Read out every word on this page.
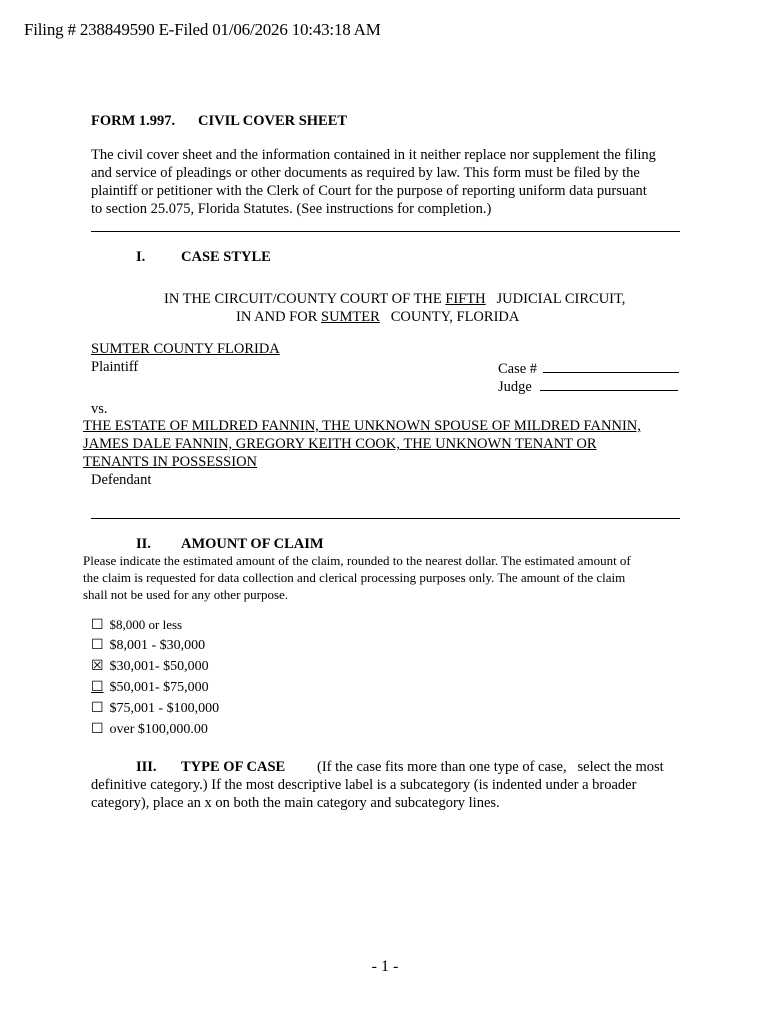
Filing # 238849590 E-Filed 01/06/2026 10:43:18 AM
FORM 1.997. CIVIL COVER SHEET
The civil cover sheet and the information contained in it neither replace nor supplement the filing
and service of pleadings or other documents as required by law. This form must be filed by the
plaintiff or petitioner with the Clerk of Court for the purpose of reporting uniform data pursuant
to section 25.075, Florida Statutes. (See instructions for completion.)
I. CASE STYLE
IN THE CIRCUIT/COUNTY COURT OF THE FIFTH JUDICIAL CIRCUIT,
IN AND FOR SUMTER COUNTY, FLORIDA
SUMTER COUNTY FLORIDA
Plaintiff	Case #
Judge
vs.
THE ESTATE OF MILDRED FANNIN, THE UNKNOWN SPOUSE OF MILDRED FANNIN,
JAMES DALE FANNIN, GREGORY KEITH COOK, THE UNKNOWN TENANT OR
TENANTS IN POSSESSION
Defendant
II. AMOUNT OF CLAIM
Please indicate the estimated amount of the claim, rounded to the nearest dollar. The estimated amount of
the claim is requested for data collection and clerical processing purposes only. The amount of the claim
shall not be used for any other purpose.
☐ $8,000 or less
☐ $8,001 - $30,000
☒ $30,001- $50,000
☐ $50,001- $75,000
☐ $75,001 - $100,000
☐ over $100,000.00
III. TYPE OF CASE (If the case fits more than one type of case,   select the most
definitive category.) If the most descriptive label is a subcategory (is indented under a broader
category), place an x on both the main category and subcategory lines.
- 1 -
